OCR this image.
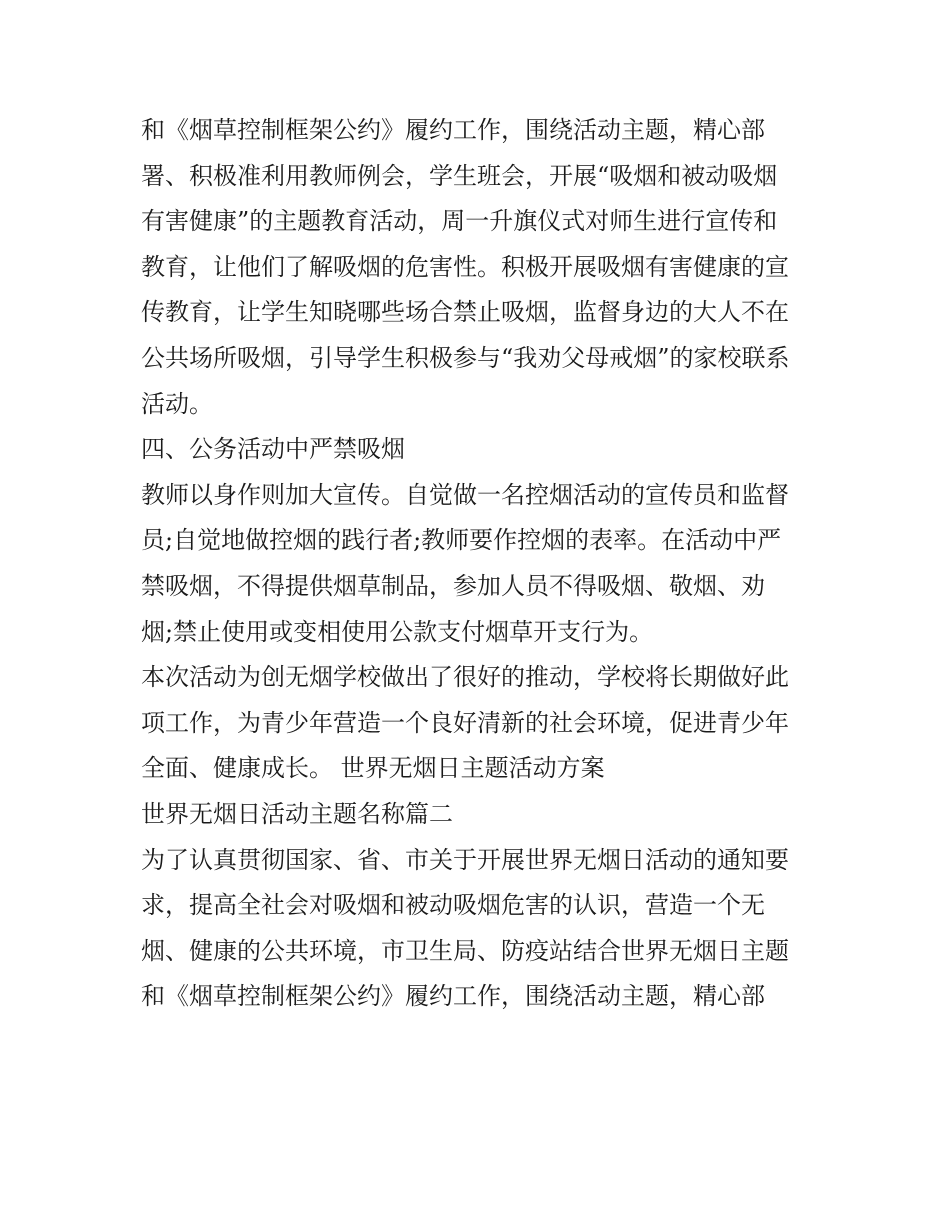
和《烟草控制框架公约》履约工作，围绕活动主题，精心部
署、积极准利用教师例会，学生班会，开展“吸烟和被动吸烟
有害健康”的主题教育活动，周一升旗仪式对师生进行宣传和
教育，让他们了解吸烟的危害性。积极开展吸烟有害健康的宣
传教育，让学生知晓哪些场合禁止吸烟，监督身边的大人不在
公共场所吸烟，引导学生积极参与“我劝父母戒烟”的家校联系
活动。
四、公务活动中严禁吸烟
教师以身作则加大宣传。自觉做一名控烟活动的宣传员和监督
员;自觉地做控烟的践行者;教师要作控烟的表率。在活动中严
禁吸烟，不得提供烟草制品，参加人员不得吸烟、敬烟、劝
烟;禁止使用或变相使用公款支付烟草开支行为。
本次活动为创无烟学校做出了很好的推动，学校将长期做好此
项工作，为青少年营造一个良好清新的社会环境，促进青少年
全面、健康成长。 世界无烟日主题活动方案
世界无烟日活动主题名称篇二
为了认真贯彻国家、省、市关于开展世界无烟日活动的通知要
求，提高全社会对吸烟和被动吸烟危害的认识，营造一个无
烟、健康的公共环境，市卫生局、防疫站结合世界无烟日主题
和《烟草控制框架公约》履约工作，围绕活动主题，精心部
